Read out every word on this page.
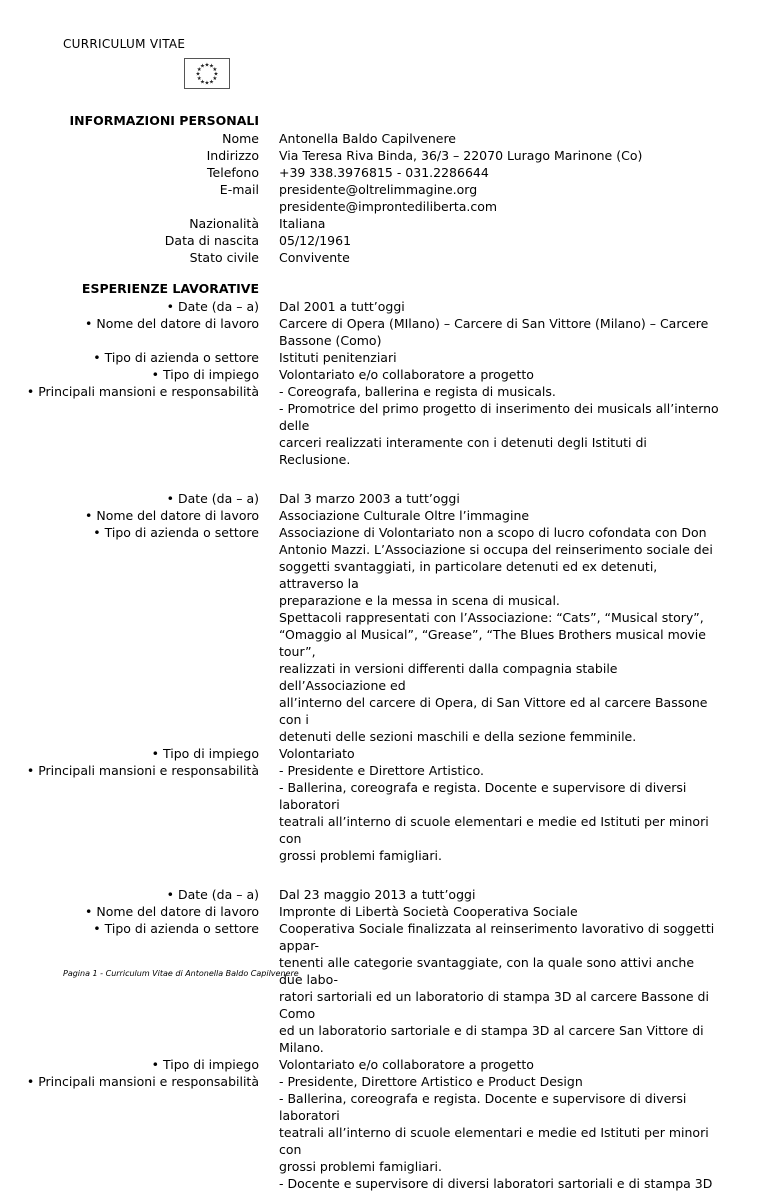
CURRICULUM VITAE
★ ★
★
★
★
★
★
★
★
★
★
★
INFORMAZIONI PERSONALI
Nome Antonella Baldo Capilvenere
Indirizzo Via Teresa Riva Binda, 36/3 – 22070 Lurago Marinone (Co)
Telefono +39 338.3976815 - 031.2286644
E-mail presidente@oltrelimmagine.org
presidente@improntediliberta.com
Nazionalità Italiana
Data di nascita 05/12/1961
Stato civile Convivente
ESPERIENZE LAVORATIVE
• Date (da – a) Dal 2001 a tutt’oggi
• Nome del datore di lavoro Carcere di Opera (MIlano) – Carcere di San Vittore (Milano) – Carcere
Bassone (Como)
• Tipo di azienda o settore Istituti penitenziari
• Tipo di impiego Volontariato e/o collaboratore a progetto
• Principali mansioni e responsabilità - Coreografa, ballerina e regista di musicals.
- Promotrice del primo progetto di inserimento dei musicals all’interno delle
carceri realizzati interamente con i detenuti degli Istituti di Reclusione.
• Date (da – a) Dal 3 marzo 2003 a tutt’oggi
• Nome del datore di lavoro Associazione Culturale Oltre l’immagine
• Tipo di azienda o settore Associazione di Volontariato non a scopo di lucro cofondata con Don
Antonio Mazzi. L’Associazione si occupa del reinserimento sociale dei
soggetti svantaggiati, in particolare detenuti ed ex detenuti, attraverso la
preparazione e la messa in scena di musical.
Spettacoli rappresentati con l’Associazione: “Cats”, “Musical story”,
“Omaggio al Musical”, “Grease”, “The Blues Brothers musical movie tour”,
realizzati in versioni differenti dalla compagnia stabile dell’Associazione ed
all’interno del carcere di Opera, di San Vittore ed al carcere Bassone con i
detenuti delle sezioni maschili e della sezione femminile.
• Tipo di impiego Volontariato
• Principali mansioni e responsabilità - Presidente e Direttore Artistico.
- Ballerina, coreografa e regista. Docente e supervisore di diversi laboratori
teatrali all’interno di scuole elementari e medie ed Istituti per minori con
grossi problemi famigliari.
• Date (da – a) Dal 23 maggio 2013 a tutt’oggi
• Nome del datore di lavoro Impronte di Libertà Società Cooperativa Sociale
• Tipo di azienda o settore Cooperativa Sociale finalizzata al reinserimento lavorativo di soggetti appar-
tenenti alle categorie svantaggiate, con la quale sono attivi anche due labo-
ratori sartoriali ed un laboratorio di stampa 3D al carcere Bassone di Como
ed un laboratorio sartoriale e di stampa 3D al carcere San Vittore di Milano.
• Tipo di impiego Volontariato e/o collaboratore a progetto
• Principali mansioni e responsabilità - Presidente, Direttore Artistico e Product Design
- Ballerina, coreografa e regista. Docente e supervisore di diversi laboratori
teatrali all’interno di scuole elementari e medie ed Istituti per minori con
grossi problemi famigliari.
- Docente e supervisore di diversi laboratori sartoriali e di stampa 3D
Pagina 1 - Curriculum Vitae di Antonella Baldo Capilvenere
